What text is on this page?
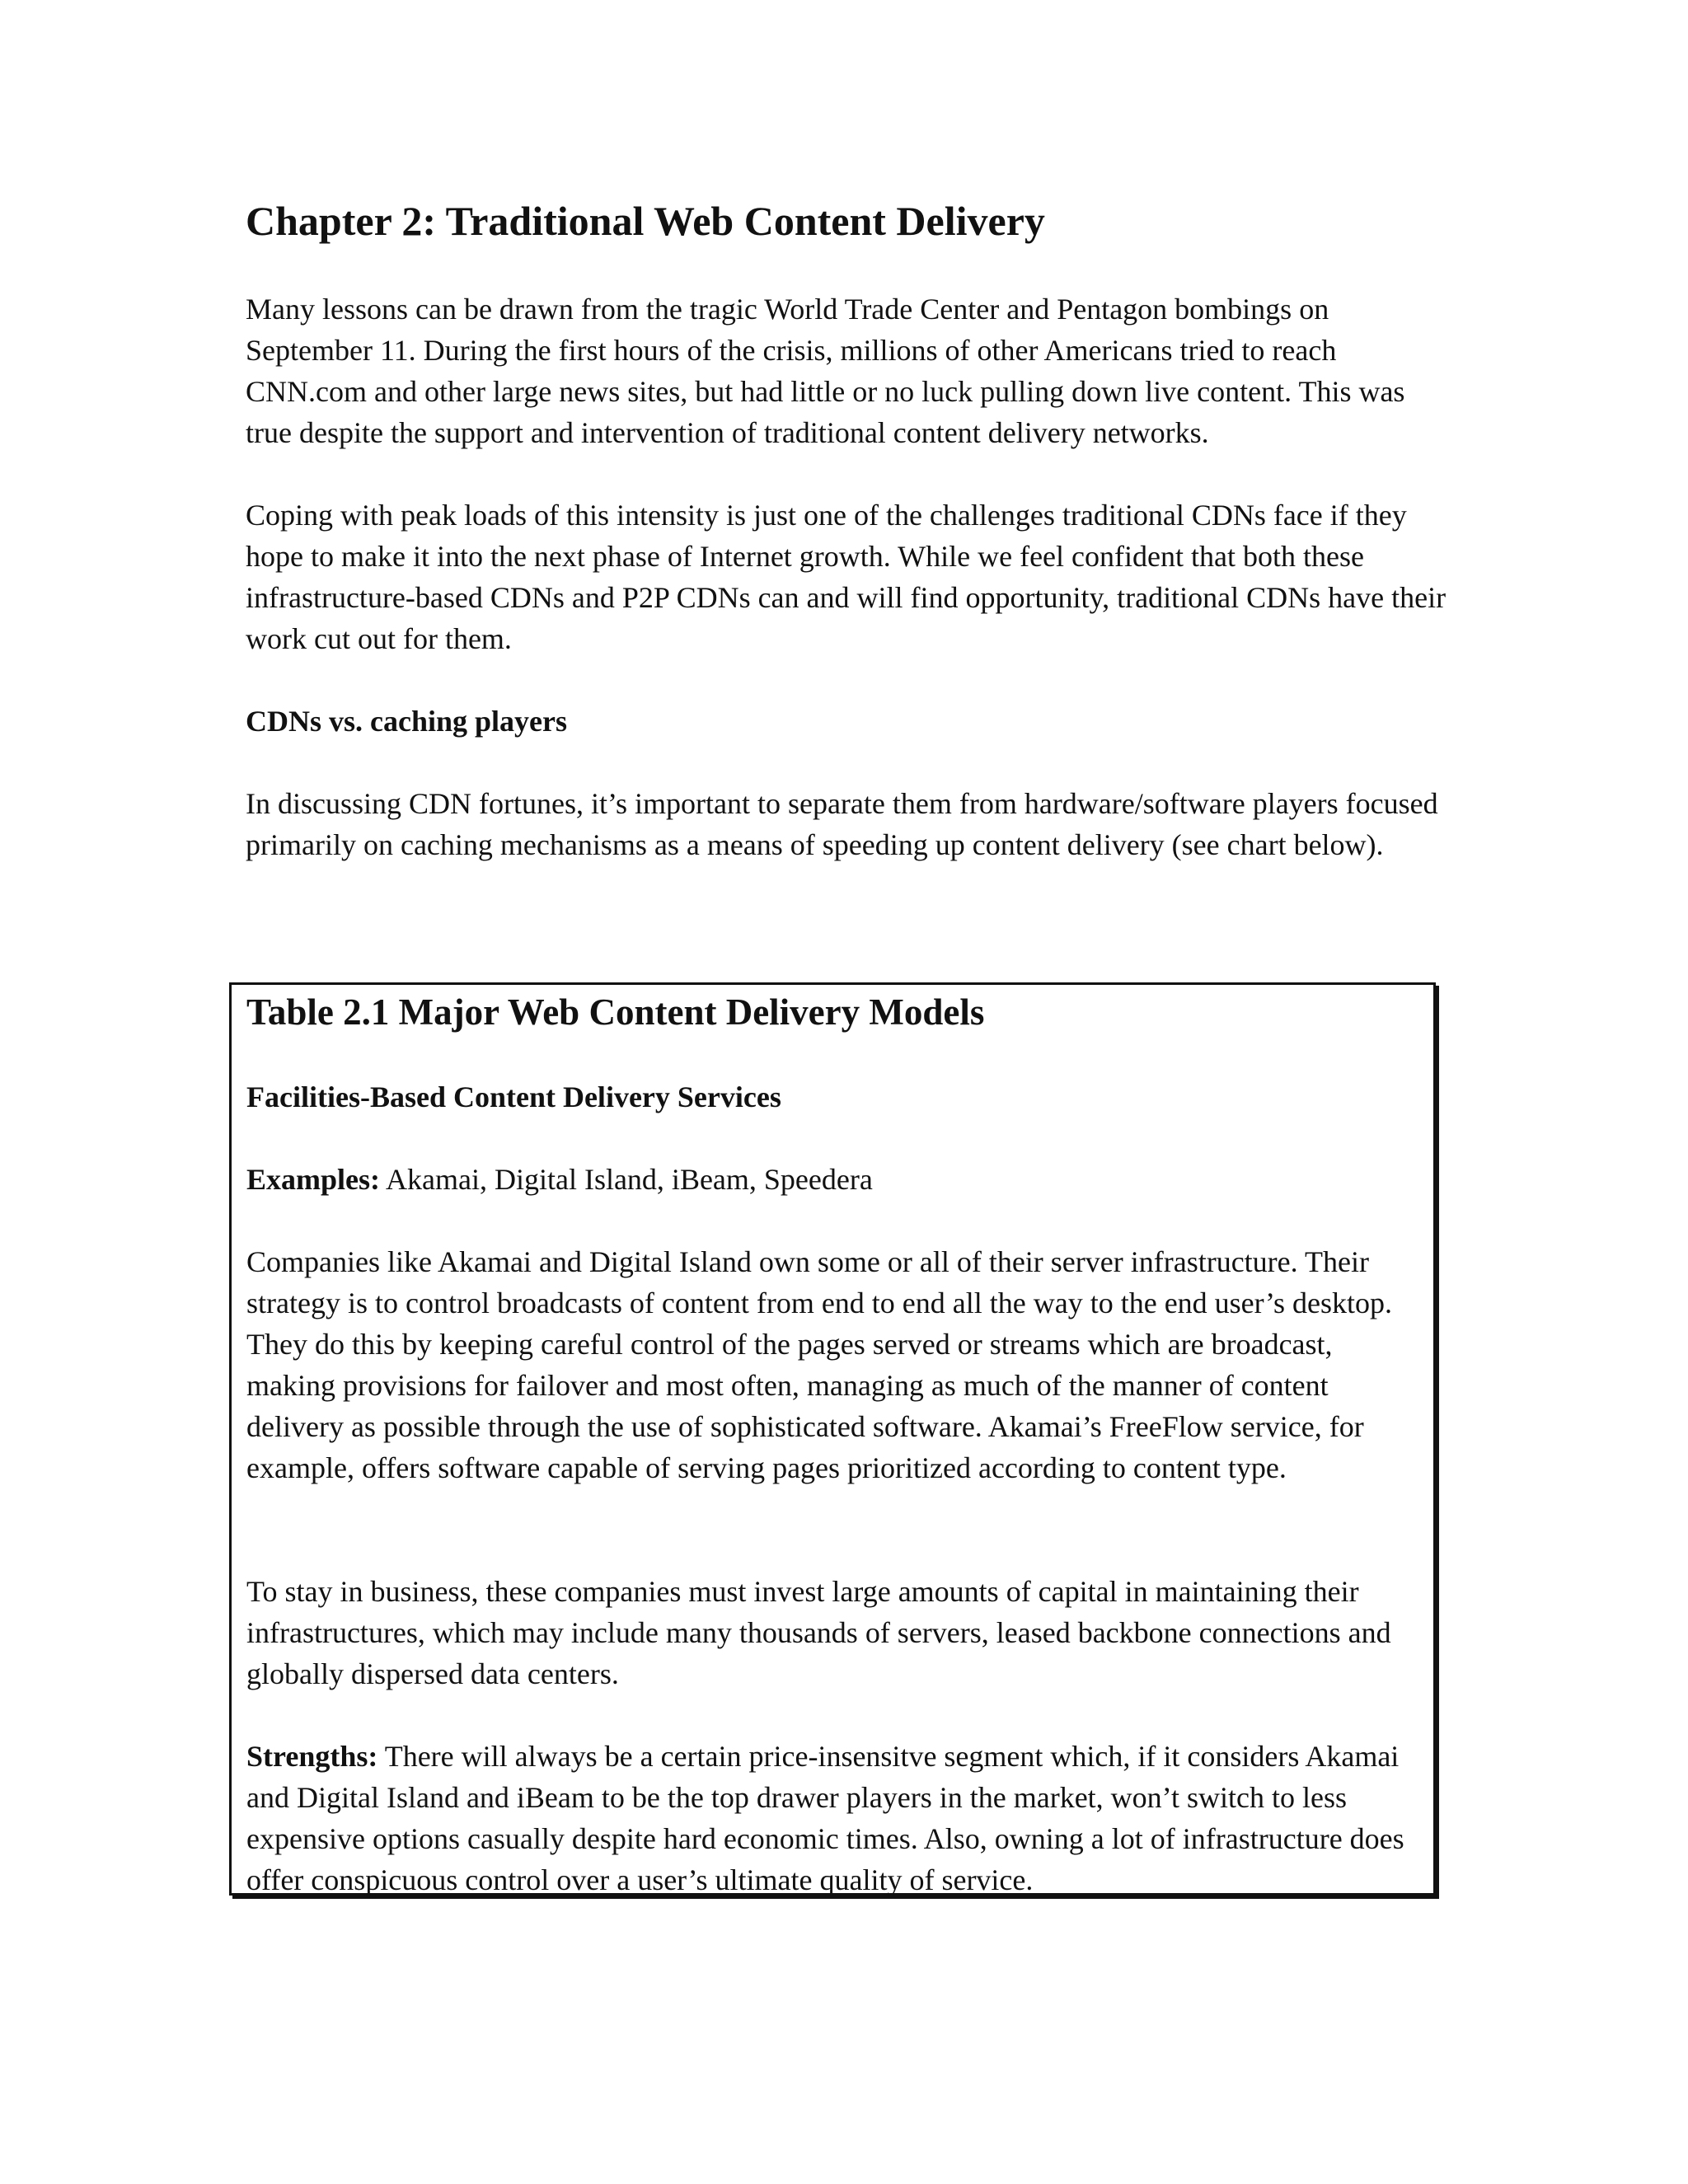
Chapter 2: Traditional Web Content Delivery

Many lessons can be drawn from the tragic World Trade Center and Pentagon bombings on September 11. During the first hours of the crisis, millions of other Americans tried to reach CNN.com and other large news sites, but had little or no luck pulling down live content. This was true despite the support and intervention of traditional content delivery networks.

Coping with peak loads of this intensity is just one of the challenges traditional CDNs face if they hope to make it into the next phase of Internet growth. While we feel confident that both these infrastructure-based CDNs and P2P CDNs can and will find opportunity, traditional CDNs have their work cut out for them.

CDNs vs. caching players

In discussing CDN fortunes, it’s important to separate them from hardware/software players focused primarily on caching mechanisms as a means of speeding up content delivery (see chart below).

Table 2.1 Major Web Content Delivery Models
Facilities-Based Content Delivery Services

Examples: Akamai, Digital Island, iBeam, Speedera

Companies like Akamai and Digital Island own some or all of their server infrastructure. Their strategy is to control broadcasts of content from end to end all the way to the end user’s desktop. They do this by keeping careful control of the pages served or streams which are broadcast, making provisions for failover and most often, managing as much of the manner of content delivery as possible through the use of sophisticated software. Akamai’s FreeFlow service, for example, offers software capable of serving pages prioritized according to content type.

To stay in business, these companies must invest large amounts of capital in maintaining their infrastructures, which may include many thousands of servers, leased backbone connections and globally dispersed data centers.

Strengths: There will always be a certain price-insensitve segment which, if it considers Akamai and Digital Island and iBeam to be the top drawer players in the market, won’t switch to less expensive options casually despite hard economic times. Also, owning a lot of infrastructure does offer conspicuous control over a user’s ultimate quality of service.
